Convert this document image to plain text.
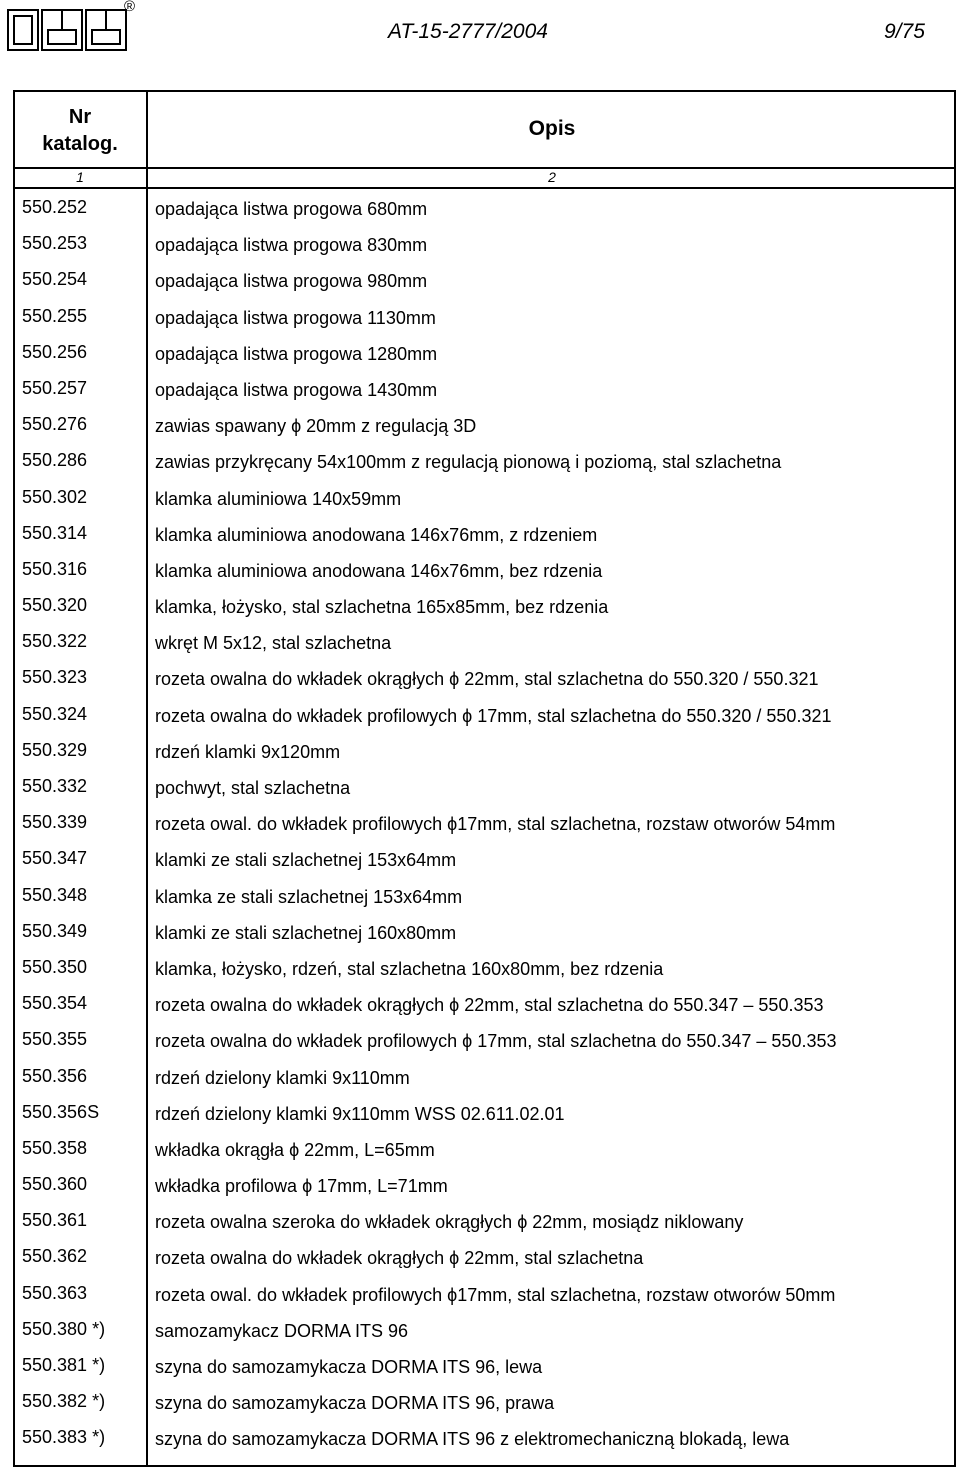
®
AT-15-2777/2004	9/75
Nr
katalog.
Opis
1	2
550.252	opadająca listwa progowa 680mm
550.253	opadająca listwa progowa 830mm
550.254	opadająca listwa progowa 980mm
550.255	opadająca listwa progowa 1130mm
550.256	opadająca listwa progowa 1280mm
550.257	opadająca listwa progowa 1430mm
550.276	zawias spawany ϕ 20mm z regulacją 3D
550.286	zawias przykręcany 54x100mm z regulacją pionową i poziomą, stal szlachetna
550.302	klamka aluminiowa 140x59mm
550.314	klamka aluminiowa anodowana 146x76mm, z rdzeniem
550.316	klamka aluminiowa anodowana 146x76mm, bez rdzenia
550.320	klamka, łożysko, stal szlachetna 165x85mm, bez rdzenia
550.322	wkręt M 5x12, stal szlachetna
550.323	rozeta owalna do wkładek okrągłych ϕ 22mm, stal szlachetna do 550.320 / 550.321
550.324	rozeta owalna do wkładek profilowych ϕ 17mm, stal szlachetna do 550.320 / 550.321
550.329	rdzeń klamki 9x120mm
550.332	pochwyt, stal szlachetna
550.339	rozeta owal. do wkładek profilowych ϕ17mm, stal szlachetna, rozstaw otworów 54mm
550.347	klamki ze stali szlachetnej 153x64mm
550.348	klamka ze stali szlachetnej 153x64mm
550.349	klamki ze stali szlachetnej 160x80mm
550.350	klamka, łożysko, rdzeń, stal szlachetna 160x80mm, bez rdzenia
550.354	rozeta owalna do wkładek okrągłych ϕ 22mm, stal szlachetna do 550.347 – 550.353
550.355	rozeta owalna do wkładek profilowych ϕ 17mm, stal szlachetna do 550.347 – 550.353
550.356	rdzeń dzielony klamki 9x110mm
550.356S	rdzeń dzielony klamki 9x110mm WSS 02.611.02.01
550.358	wkładka okrągła ϕ 22mm, L=65mm
550.360	wkładka profilowa ϕ 17mm, L=71mm
550.361	rozeta owalna szeroka do wkładek okrągłych ϕ 22mm, mosiądz niklowany
550.362	rozeta owalna do wkładek okrągłych ϕ 22mm, stal szlachetna
550.363	rozeta owal. do wkładek profilowych ϕ17mm, stal szlachetna, rozstaw otworów 50mm
550.380 *)	samozamykacz DORMA ITS 96
550.381 *)	szyna do samozamykacza DORMA ITS 96, lewa
550.382 *)	szyna do samozamykacza DORMA ITS 96, prawa
550.383 *)	szyna do samozamykacza DORMA ITS 96 z elektromechaniczną blokadą, lewa
